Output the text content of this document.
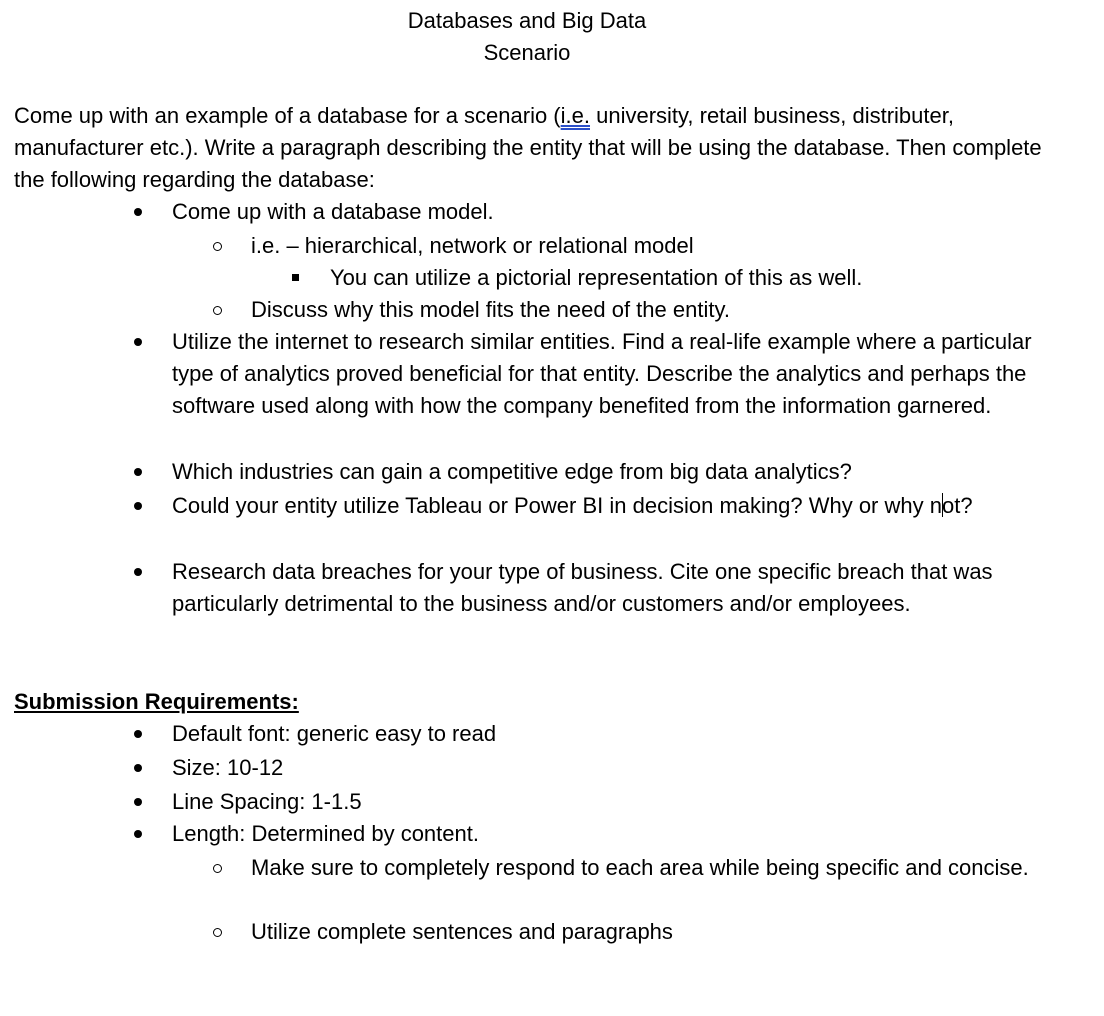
Databases and Big Data
Scenario
Come up with an example of a database for a scenario (i.e. university, retail business, distributer, manufacturer etc.). Write a paragraph describing the entity that will be using the database. Then complete the following regarding the database:
Come up with a database model.
i.e. – hierarchical, network or relational model
You can utilize a pictorial representation of this as well.
Discuss why this model fits the need of the entity.
Utilize the internet to research similar entities. Find a real-life example where a particular type of analytics proved beneficial for that entity. Describe the analytics and perhaps the software used along with how the company benefited from the information garnered.
Which industries can gain a competitive edge from big data analytics?
Could your entity utilize Tableau or Power BI in decision making? Why or why not?
Research data breaches for your type of business. Cite one specific breach that was particularly detrimental to the business and/or customers and/or employees.
Submission Requirements:
Default font: generic easy to read
Size: 10-12
Line Spacing: 1-1.5
Length: Determined by content.
Make sure to completely respond to each area while being specific and concise.
Utilize complete sentences and paragraphs
